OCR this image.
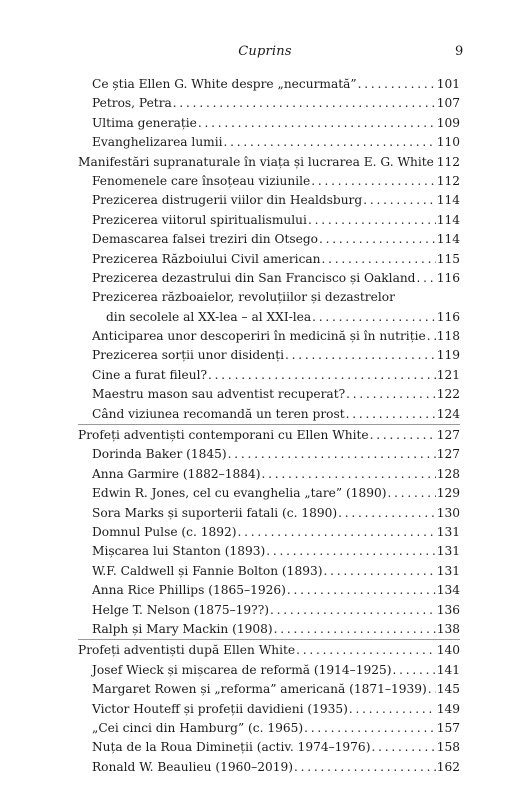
Cuprins	9
Ce știa Ellen G. White despre „necurmată” . . .	101
Petros, Petra . . .	107
Ultima generație . . .	109
Evanghelizarea lumii . . .	110
Manifestări supranaturale în viața și lucrarea E. G. White . . . 112
Fenomenele care însoțeau viziunile . . .	112
Prezicerea distrugerii viilor din Healdsburg . . .	114
Prezicerea viitorul spiritualismului . . .	114
Demascarea falsei treziri din Otsego . . .	114
Prezicerea Războiului Civil american . . .	115
Prezicerea dezastrului din San Francisco și Oakland . . . 116
Prezicerea războaielor, revoluțiilor și dezastrelor
din secolele al XX-lea – al XXI-lea . . .	116
Anticiparea unor descoperiri în medicină și în nutriție . . . 118
Prezicerea sorții unor disidenți . . .	119
Cine a furat fileul? . . .	121
Maestru mason sau adventist recuperat? . . .	122
Când viziunea recomandă un teren prost . . .	124
Profeți adventiști contemporani cu Ellen White . . .	127
Dorinda Baker (1845) . . .	127
Anna Garmire (1882–1884) . . .	128
Edwin R. Jones, cel cu evanghelia „tare” (1890) . . .	129
Sora Marks și suporterii fatali (c. 1890) . . .	130
Domnul Pulse (c. 1892) . . .	131
Mișcarea lui Stanton (1893) . . .	131
W.F. Caldwell și Fannie Bolton (1893) . . .	131
Anna Rice Phillips (1865–1926) . . .	134
Helge T. Nelson (1875–19??) . . .	136
Ralph și Mary Mackin (1908) . . .	138
Profeți adventiști după Ellen White . . .	140
Josef Wieck și mișcarea de reformă (1914–1925) . . .	141
Margaret Rowen și „reforma” americană (1871–1939) . . . 145
Victor Houteff și profeții davidieni (1935) . . .	149
„Cei cinci din Hamburg” (c. 1965) . . .	157
Nuța de la Roua Dimineții (activ. 1974–1976) . . .	158
Ronald W. Beaulieu (1960–2019) . . .	162
